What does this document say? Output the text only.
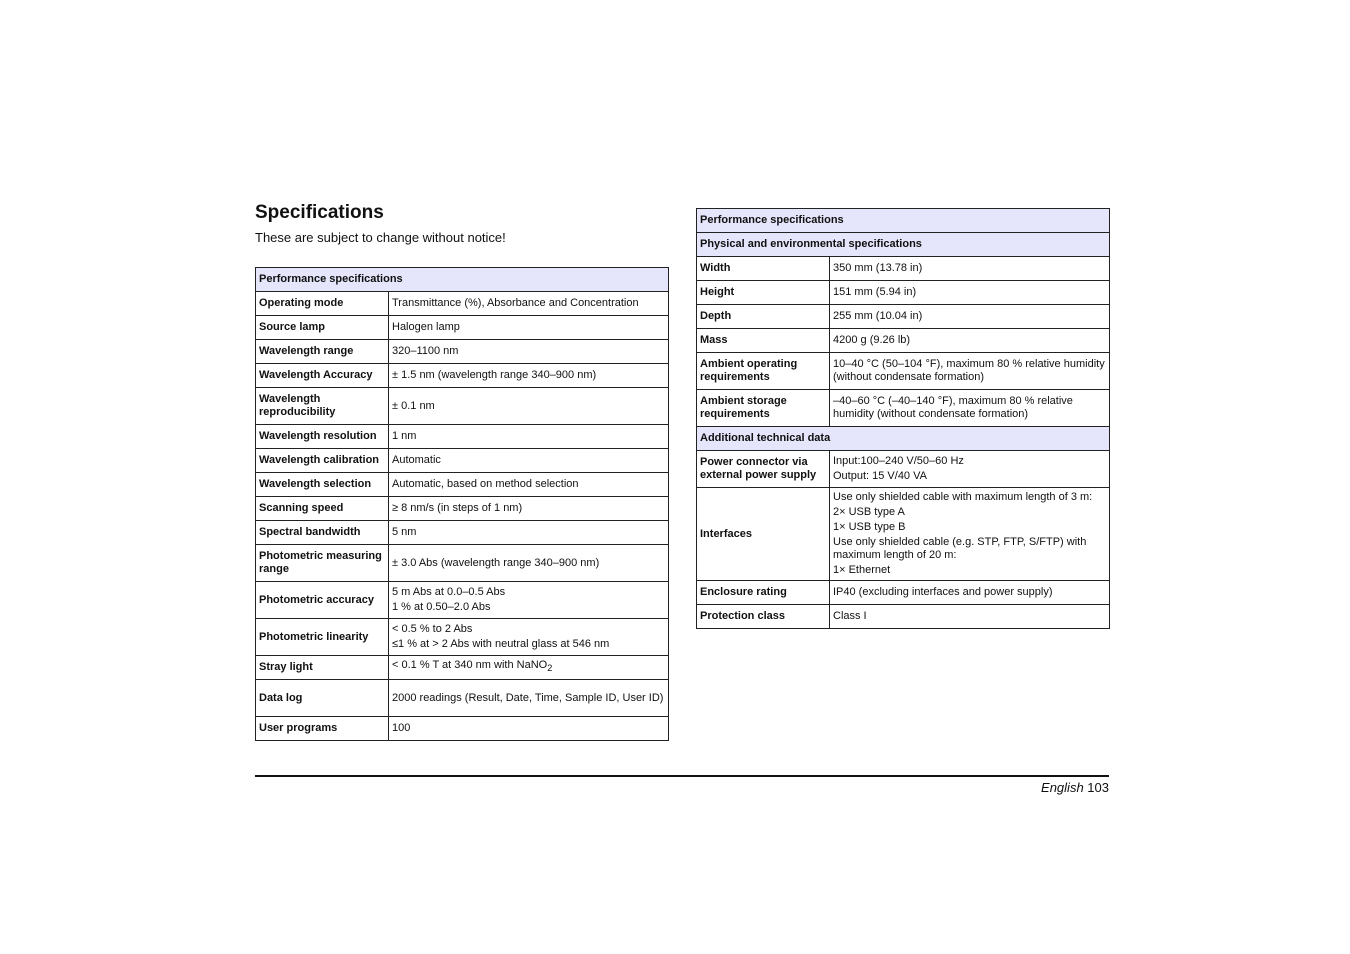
Specifications

These are subject to change without notice!

Performance specifications	
Operating mode	Transmittance (%), Absorbance and Concentration
Source lamp	Halogen lamp
Wavelength range	320–1100 nm
Wavelength Accuracy	± 1.5 nm (wavelength range 340–900 nm)
Wavelength reproducibility	± 0.1 nm
Wavelength resolution	1 nm
Wavelength calibration	Automatic
Wavelength selection	Automatic, based on method selection
Scanning speed	≥ 8 nm/s (in steps of 1 nm)
Spectral bandwidth	5 nm
Photometric measuring range	± 3.0 Abs (wavelength range 340–900 nm)
Photometric accuracy	5 m Abs at 0.0–0.5 Abs
1 % at 0.50–2.0 Abs

Photometric linearity	< 0.5 % to 2 Abs
≤1 % at > 2 Abs with neutral glass at 546 nm

Stray light	< 0.1 % T at 340 nm with NaNO$_2$
Data log	2000 readings (Result, Date, Time, Sample ID, User ID)
User programs	100
Performance specifications	
Physical and environmental specifications	
Width	350 mm (13.78 in)
Height	151 mm (5.94 in)
Depth	255 mm (10.04 in)
Mass	4200 g (9.26 lb)
Ambient operating requirements	10–40 °C (50–104 °F), maximum 80 % relative humidity (without condensate formation)
Ambient storage requirements	–40–60 °C (–40–140 °F), maximum 80 % relative humidity (without condensate formation)
Additional technical data	
Power connector via external power supply	Input:100–240 V/50–60 Hz
Output: 15 V/40 VA

Interfaces	Use only shielded cable with maximum length of 3 m:
2× USB type A
1× USB type B
Use only shielded cable (e.g. STP, FTP, S/FTP) with maximum length of 20 m:
1× Ethernet

Enclosure rating	IP40 (excluding interfaces and power supply)
Protection class	Class I
English 103
